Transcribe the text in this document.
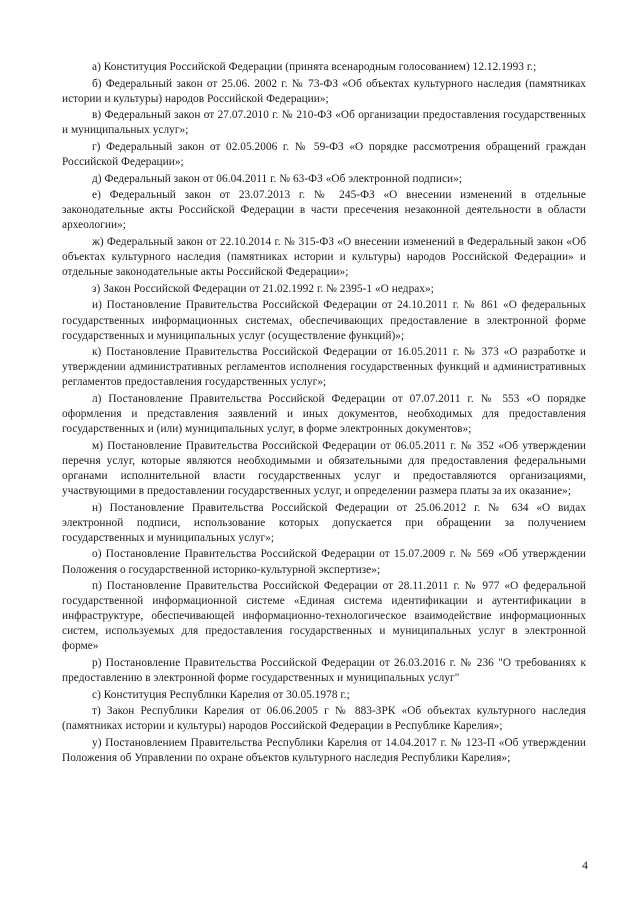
а) Конституция Российской Федерации (принята всенародным голосованием) 12.12.1993 г.;

б) Федеральный закон от 25.06. 2002 г. № 73-ФЗ «Об объектах культурного наследия (памятниках истории и культуры) народов Российской Федерации»;

в) Федеральный закон от 27.07.2010 г. № 210-ФЗ «Об организации предоставления государственных и муниципальных услуг»;

г) Федеральный закон от 02.05.2006 г. № 59-ФЗ «О порядке рассмотрения обращений граждан Российской Федерации»;

д) Федеральный закон от 06.04.2011 г. № 63-ФЗ «Об электронной подписи»;

е) Федеральный закон от 23.07.2013 г. № 245-ФЗ «О внесении изменений в отдельные законодательные акты Российской Федерации в части пресечения незаконной деятельности в области археологии»;

ж) Федеральный закон от 22.10.2014 г. № 315-ФЗ «О внесении изменений в Федеральный закон «Об объектах культурного наследия (памятниках истории и культуры) народов Российской Федерации» и отдельные законодательные акты Российской Федерации»;

з) Закон Российской Федерации от 21.02.1992 г. № 2395-1 «О недрах»;

и) Постановление Правительства Российской Федерации от 24.10.2011 г. № 861 «О федеральных государственных информационных системах, обеспечивающих предоставление в электронной форме государственных и муниципальных услуг (осуществление функций)»;

к) Постановление Правительства Российской Федерации от 16.05.2011 г. № 373 «О разработке и утверждении административных регламентов исполнения государственных функций и административных регламентов предоставления государственных услуг»;

л) Постановление Правительства Российской Федерации от 07.07.2011 г. № 553 «О порядке оформления и представления заявлений и иных документов, необходимых для предоставления государственных и (или) муниципальных услуг, в форме электронных документов»;

м) Постановление Правительства Российской Федерации от 06.05.2011 г. № 352 «Об утверждении перечня услуг, которые являются необходимыми и обязательными для предоставления федеральными органами исполнительной власти государственных услуг и предоставляются организациями, участвующими в предоставлении государственных услуг, и определении размера платы за их оказание»;

н) Постановление Правительства Российской Федерации от 25.06.2012 г. № 634 «О видах электронной подписи, использование которых допускается при обращении за получением государственных и муниципальных услуг»;

о) Постановление Правительства Российской Федерации от 15.07.2009 г. № 569 «Об утверждении Положения о государственной историко-культурной экспертизе»;

п) Постановление Правительства Российской Федерации от 28.11.2011 г. № 977 «О федеральной государственной информационной системе «Единая система идентификации и аутентификации в инфраструктуре, обеспечивающей информационно-технологическое взаимодействие информационных систем, используемых для предоставления государственных и муниципальных услуг в электронной форме»

р) Постановление Правительства Российской Федерации от 26.03.2016 г. № 236 "О требованиях к предоставлению в электронной форме государственных и муниципальных услуг"

с) Конституция Республики Карелия от 30.05.1978 г.;

т) Закон Республики Карелия от 06.06.2005 г № 883-ЗРК «Об объектах культурного наследия (памятниках истории и культуры) народов Российской Федерации в Республике Карелия»;

у) Постановлением Правительства Республики Карелия от 14.04.2017 г. № 123-П «Об утверждении Положения об Управлении по охране объектов культурного наследия Республики Карелия»;

4
